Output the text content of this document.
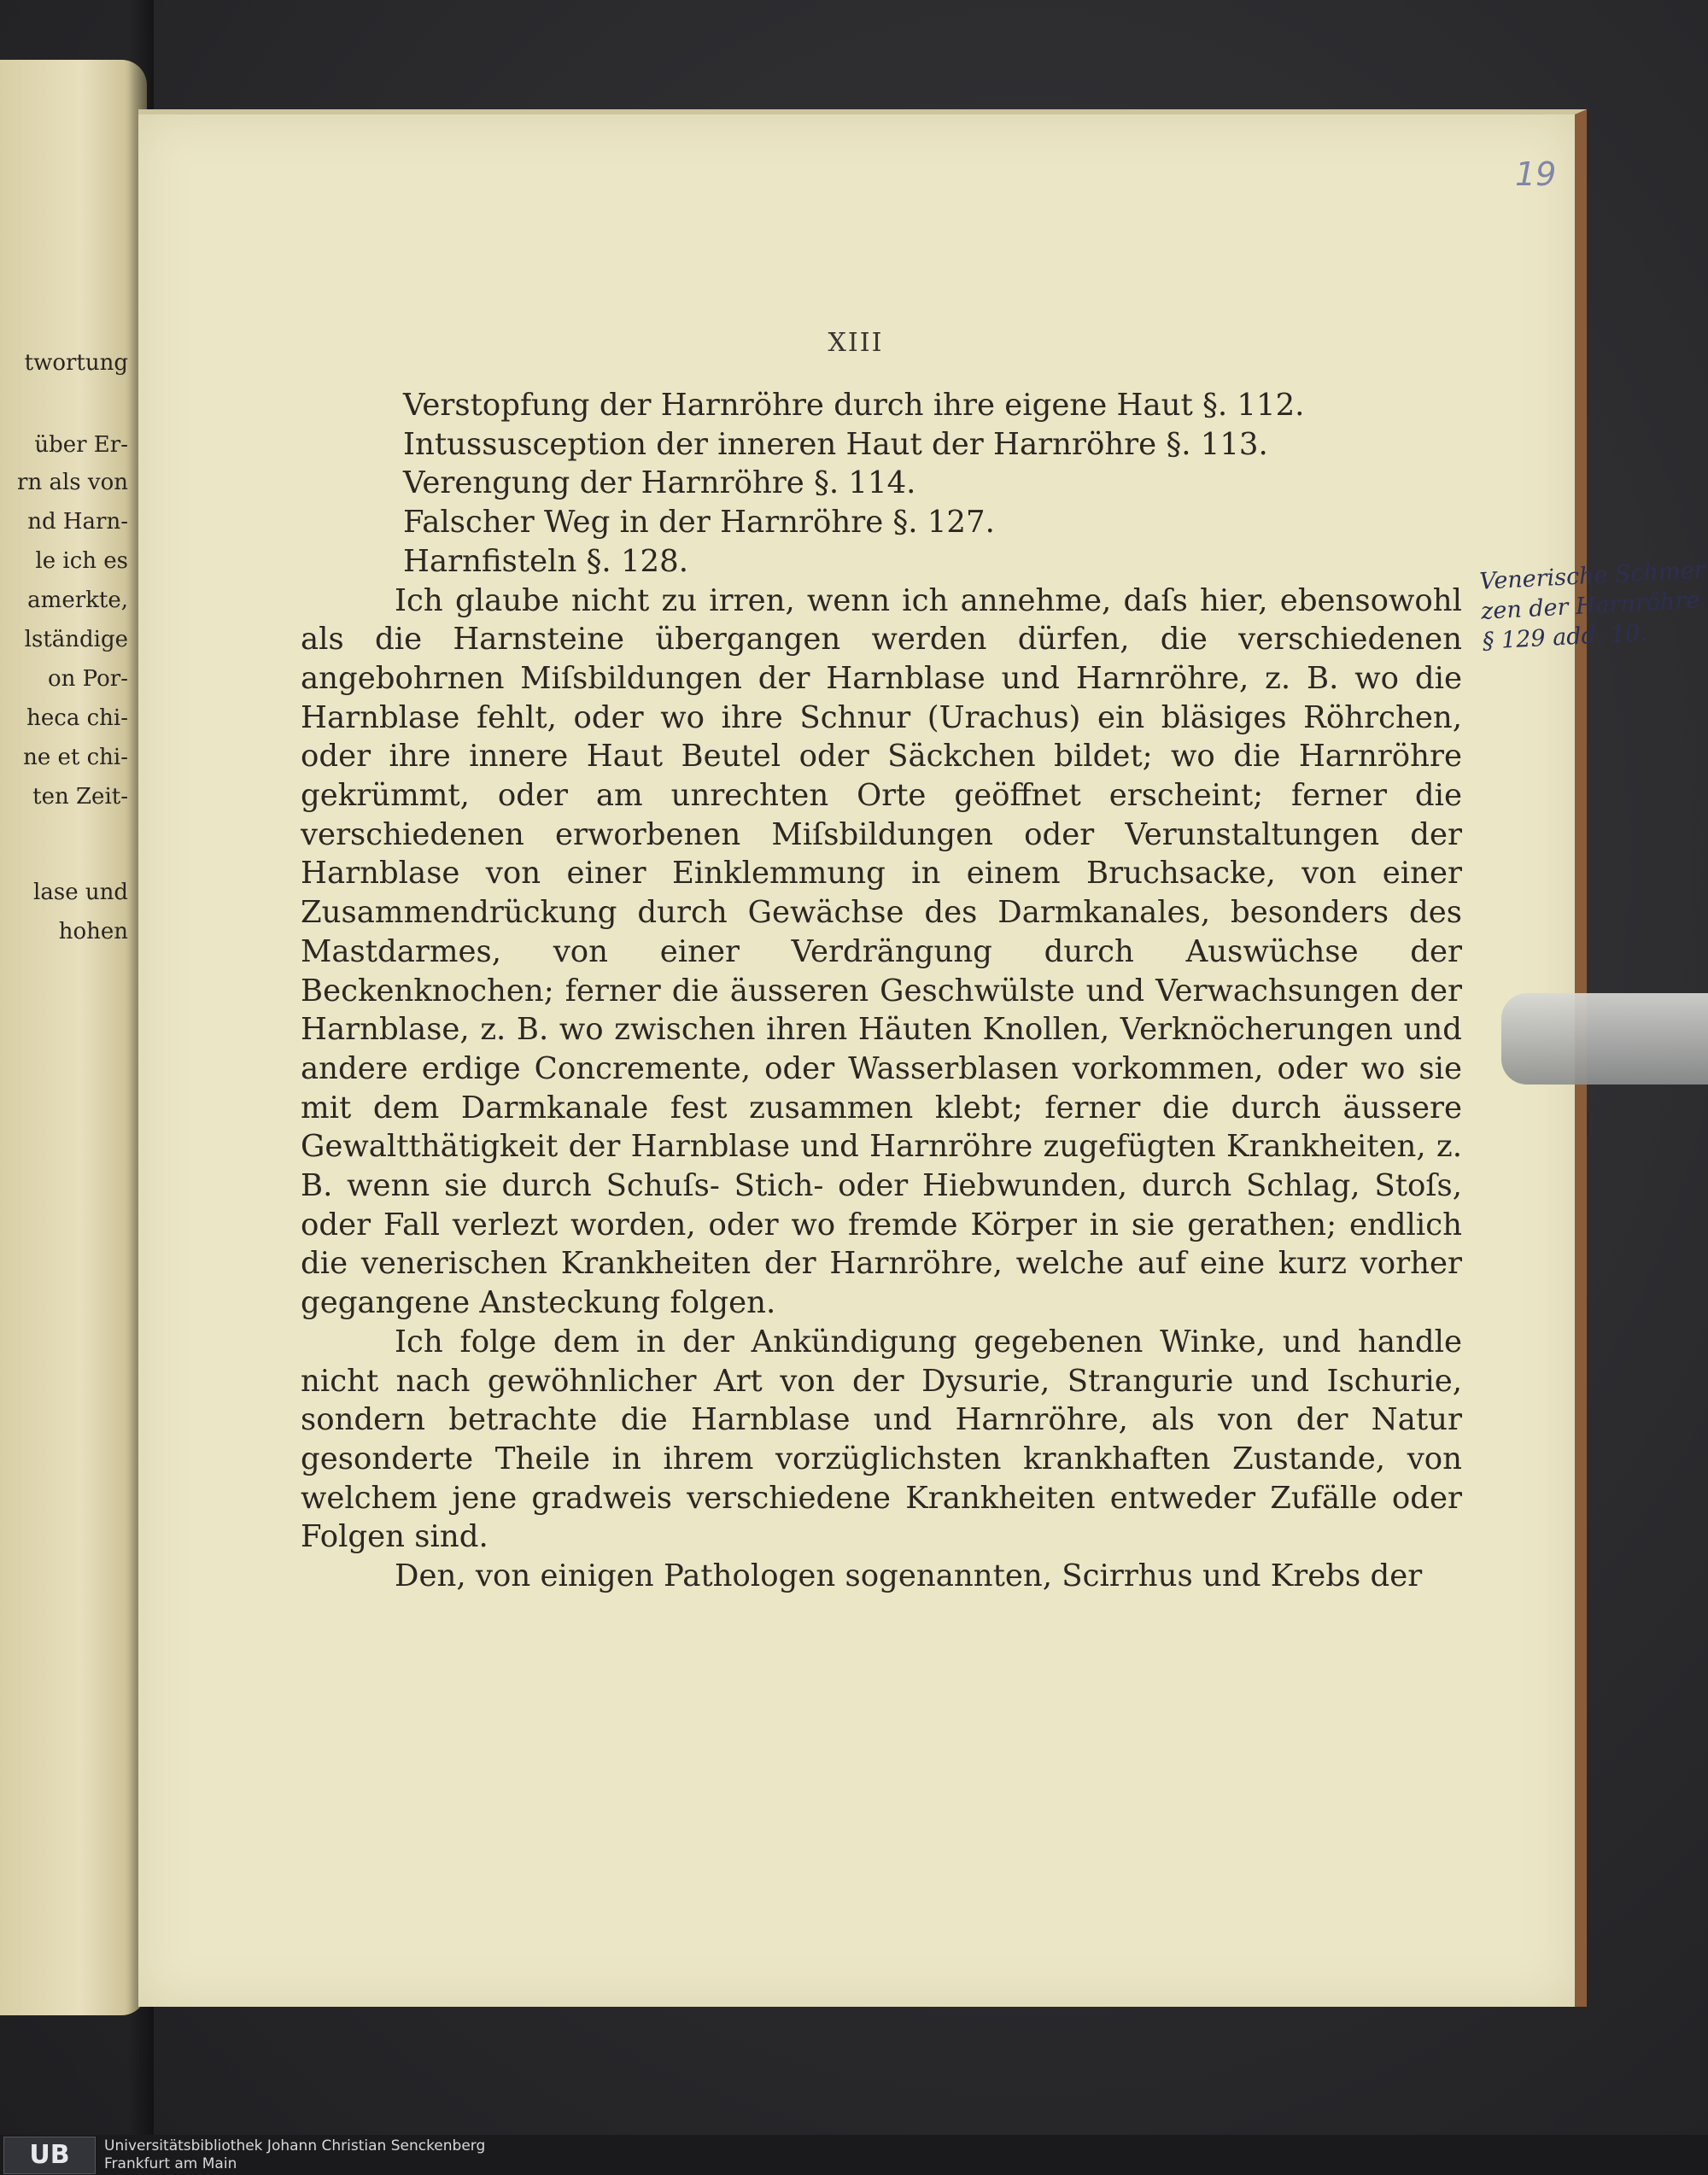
twortung
über Er-
rn als von
nd Harn-
le ich es
amerkte,
lständige
on Por-
heca chi-
ne et chi-
ten Zeit-
lase und
hohen
19
XIII
Verstopfung der Harnröhre durch ihre eigene Haut §. 112.
Intussusception der inneren Haut der Harnröhre §. 113.
Verengung der Harnröhre §. 114.
Falscher Weg in der Harnröhre §. 127.
Harnfisteln §. 128.

Ich glaube nicht zu irren, wenn ich annehme, daſs hier, ebensowohl als die Harnsteine übergangen werden dürfen, die verschiedenen angebohrnen Miſsbildungen der Harnblase und Harnröhre, z. B. wo die Harnblase fehlt, oder wo ihre Schnur (Urachus) ein bläsiges Röhrchen, oder ihre innere Haut Beutel oder Säckchen bildet; wo die Harnröhre gekrümmt, oder am unrechten Orte geöffnet erscheint; ferner die verschiedenen erworbenen Miſsbildungen oder Verunstaltungen der Harnblase von einer Einklemmung in einem Bruchsacke, von einer Zusammendrückung durch Gewächse des Darmkanales, besonders des Mastdarmes, von einer Verdrängung durch Auswüchse der Beckenknochen; ferner die äusseren Geschwülste und Verwachsungen der Harnblase, z. B. wo zwischen ihren Häuten Knollen, Verknöcherungen und andere erdige Concremente, oder Wasserblasen vorkommen, oder wo sie mit dem Darmkanale fest zusammen klebt; ferner die durch äussere Gewaltthätigkeit der Harnblase und Harnröhre zugefügten Krankheiten, z. B. wenn sie durch Schuſs- Stich- oder Hiebwunden, durch Schlag, Stoſs, oder Fall verlezt worden, oder wo fremde Körper in sie gerathen; endlich die venerischen Krankheiten der Harnröhre, welche auf eine kurz vorher gegangene Ansteckung folgen.

Ich folge dem in der Ankündigung gegebenen Winke, und handle nicht nach gewöhnlicher Art von der Dysurie, Strangurie und Ischurie, sondern betrachte die Harnblase und Harnröhre, als von der Natur gesonderte Theile in ihrem vorzüglichsten krankhaften Zustande, von welchem jene gradweis verschiedene Krankheiten entweder Zufälle oder Folgen sind.

Den, von einigen Pathologen sogenannten, Scirrhus und Krebs der

Venerische Schmer
zen der Harnröhre
§ 129 add. 10.
UB	Universitätsbibliothek Johann Christian Senckenberg
Frankfurt am Main
